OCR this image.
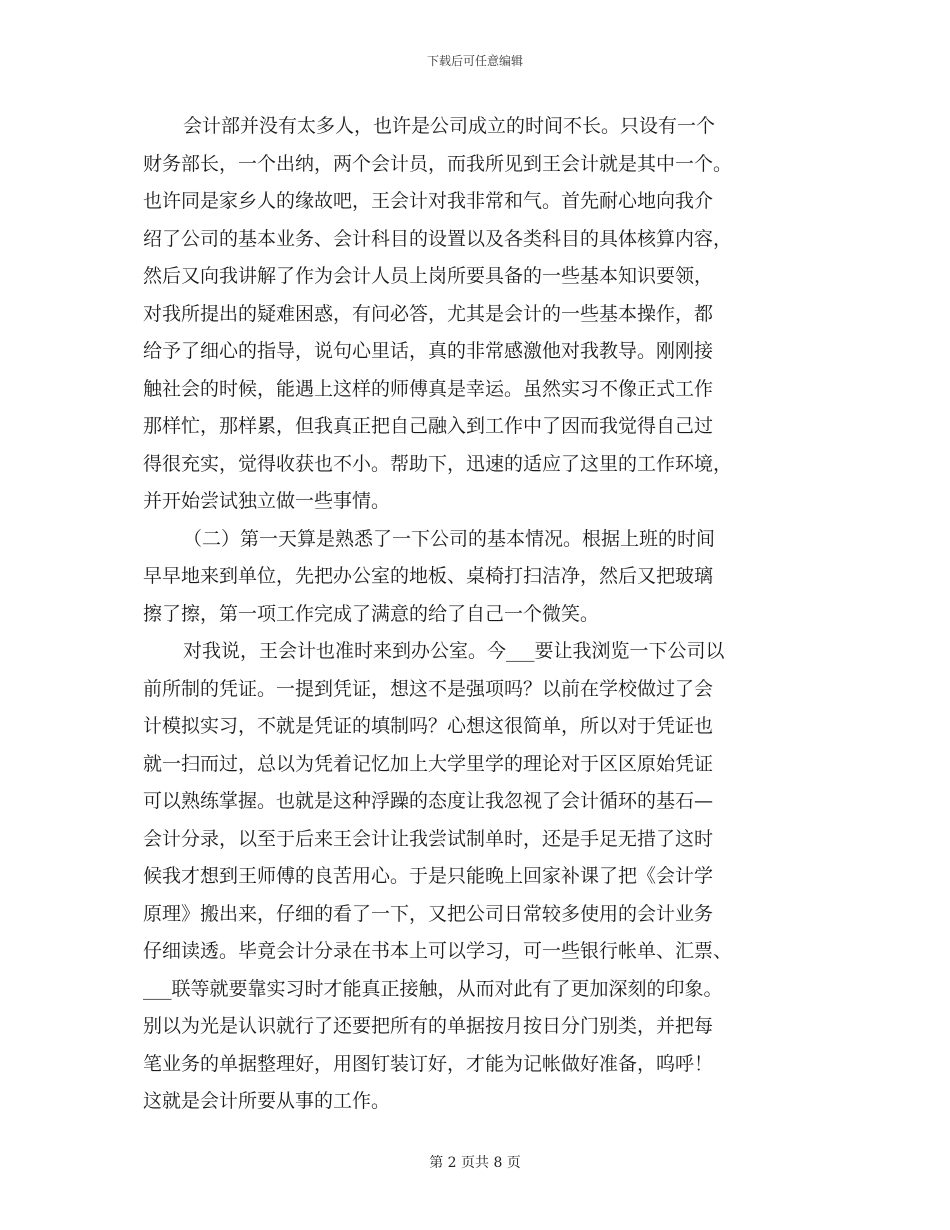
下载后可任意编辑
会计部并没有太多人，也许是公司成立的时间不长。只设有一个
财务部长，一个出纳，两个会计员，而我所见到王会计就是其中一个。
也许同是家乡人的缘故吧，王会计对我非常和气。首先耐心地向我介
绍了公司的基本业务、会计科目的设置以及各类科目的具体核算内容，
然后又向我讲解了作为会计人员上岗所要具备的一些基本知识要领，
对我所提出的疑难困惑，有问必答，尤其是会计的一些基本操作，都
给予了细心的指导，说句心里话，真的非常感激他对我教导。刚刚接
触社会的时候，能遇上这样的师傅真是幸运。虽然实习不像正式工作
那样忙，那样累，但我真正把自己融入到工作中了因而我觉得自己过
得很充实，觉得收获也不小。帮助下，迅速的适应了这里的工作环境，
并开始尝试独立做一些事情。
（二）第一天算是熟悉了一下公司的基本情况。根据上班的时间
早早地来到单位，先把办公室的地板、桌椅打扫洁净，然后又把玻璃
擦了擦，第一项工作完成了满意的给了自己一个微笑。
对我说，王会计也准时来到办公室。今___要让我浏览一下公司以
前所制的凭证。一提到凭证，想这不是强项吗？以前在学校做过了会
计模拟实习，不就是凭证的填制吗？心想这很简单，所以对于凭证也
就一扫而过，总以为凭着记忆加上大学里学的理论对于区区原始凭证
可以熟练掌握。也就是这种浮躁的态度让我忽视了会计循环的基石—
会计分录，以至于后来王会计让我尝试制单时，还是手足无措了这时
候我才想到王师傅的良苦用心。于是只能晚上回家补课了把《会计学
原理》搬出来，仔细的看了一下，又把公司日常较多使用的会计业务
仔细读透。毕竟会计分录在书本上可以学习，可一些银行帐单、汇票、
___联等就要靠实习时才能真正接触，从而对此有了更加深刻的印象。
别以为光是认识就行了还要把所有的单据按月按日分门别类，并把每
笔业务的单据整理好，用图钉装订好，才能为记帐做好准备，呜呼！
这就是会计所要从事的工作。
第 2 页共 8 页
